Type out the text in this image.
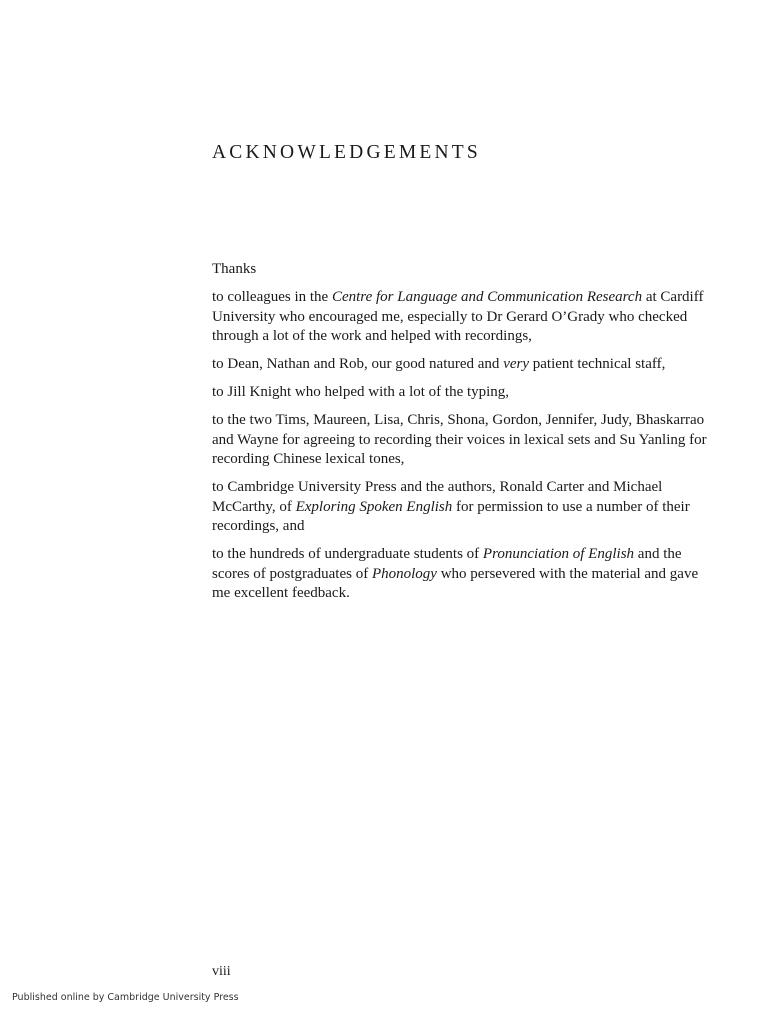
ACKNOWLEDGEMENTS

Thanks

to colleagues in the Centre for Language and Communication Research at Cardiff University who encouraged me, especially to Dr Gerard O’Grady who checked through a lot of the work and helped with recordings,

to Dean, Nathan and Rob, our good natured and very patient technical staff,

to Jill Knight who helped with a lot of the typing,

to the two Tims, Maureen, Lisa, Chris, Shona, Gordon, Jennifer, Judy, Bhaskarrao and Wayne for agreeing to recording their voices in lexical sets and Su Yanling for recording Chinese lexical tones,

to Cambridge University Press and the authors, Ronald Carter and Michael McCarthy, of Exploring Spoken English for permission to use a number of their recordings, and

to the hundreds of undergraduate students of Pronunciation of English and the scores of postgraduates of Phonology who persevered with the material and gave me excellent feedback.

viii
Published online by Cambridge University Press
